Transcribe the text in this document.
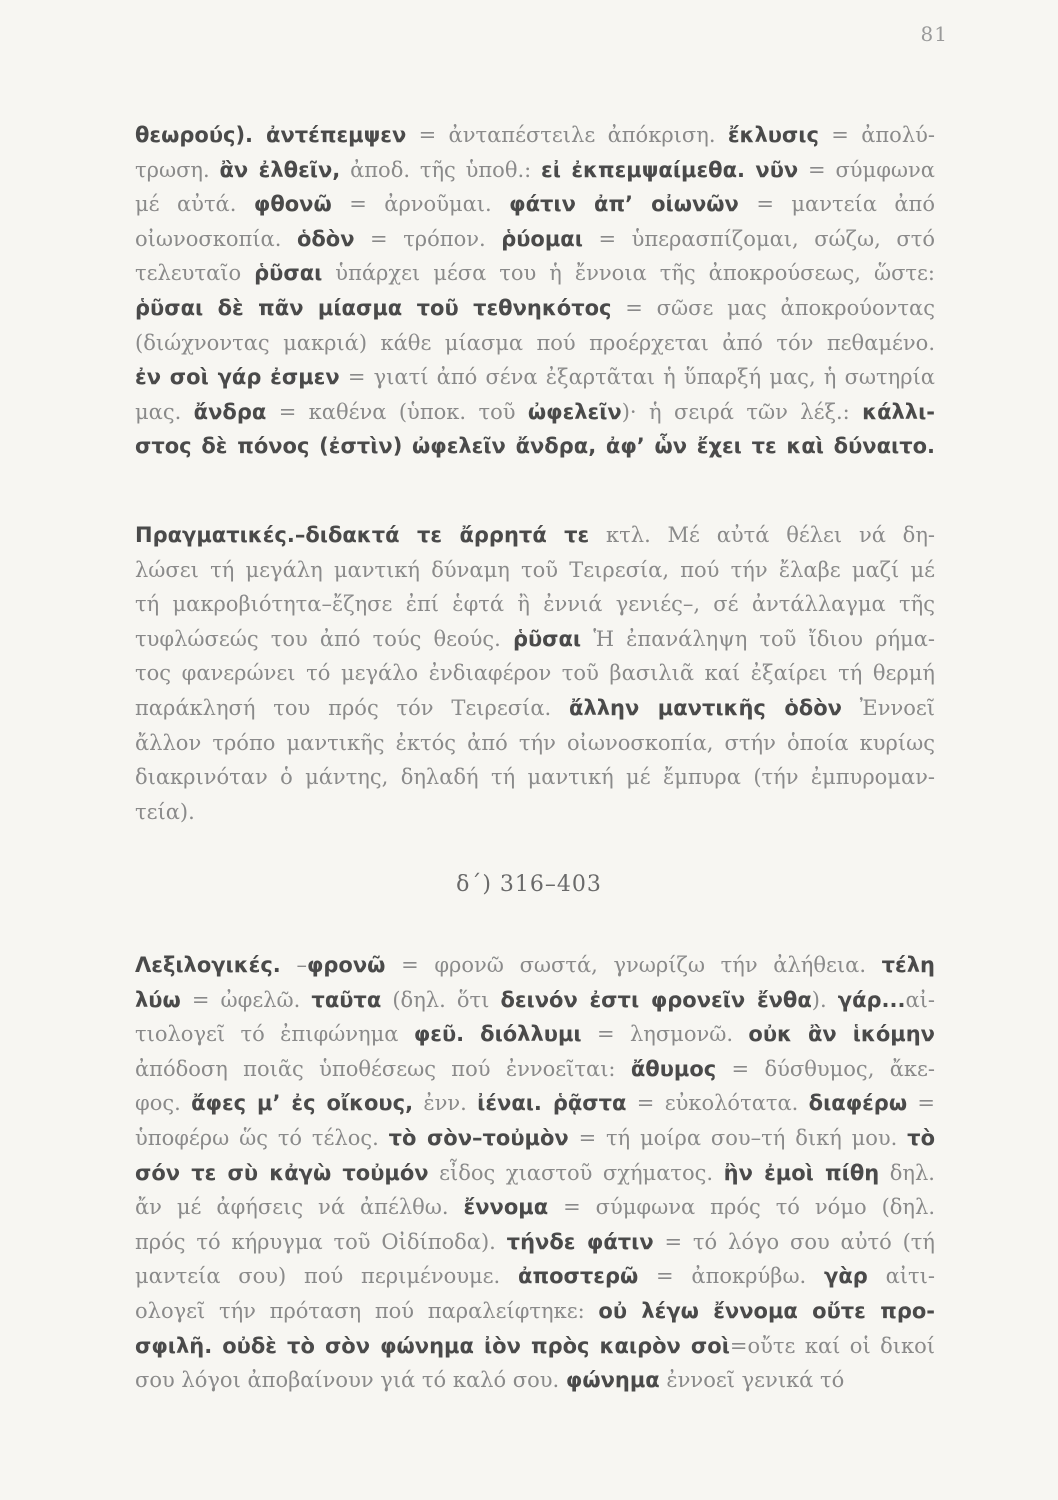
81
θεωρούς). ἀντέπεμψεν = ἀνταπέστειλε ἀπόκριση. ἔκλυσις = ἀπολύ-
τρωση. ἂν ἐλθεῖν, ἀποδ. τῆς ὑποθ.: εἰ ἐκπεμψαίμεθα. νῦν = σύμφωνα
μέ αὐτά. φθονῶ = ἀρνοῦμαι. φάτιν ἀπ’ οἰωνῶν = μαντεία ἀπό
οἰωνοσκοπία. ὁδὸν = τρόπον. ῥύομαι = ὑπερασπίζομαι, σώζω, στό
τελευταῖο ῥῦσαι ὑπάρχει μέσα του ἡ ἔννοια τῆς ἀποκρούσεως, ὥστε:
ῥῦσαι δὲ πᾶν μίασμα τοῦ τεθνηκότος = σῶσε μας ἀποκρούοντας
(διώχνοντας μακριά) κάθε μίασμα πού προέρχεται ἀπό τόν πεθαμένο.
ἐν σοὶ γάρ ἐσμεν = γιατί ἀπό σένα ἐξαρτᾶται ἡ ὕπαρξή μας, ἡ σωτηρία
μας. ἄνδρα = καθένα (ὑποκ. τοῦ ὠφελεῖν)· ἡ σειρά τῶν λέξ.: κάλλι-
στος δὲ πόνος (ἐστὶν) ὠφελεῖν ἄνδρα, ἀφ’ ὧν ἔχει τε καὶ δύναιτο.
Πραγματικές.–διδακτά τε ἄρρητά τε κτλ. Μέ αὐτά θέλει νά δη-
λώσει τή μεγάλη μαντική δύναμη τοῦ Τειρεσία, πού τήν ἔλαβε μαζί μέ
τή μακροβιότητα–ἔζησε ἐπί ἑφτά ἢ ἐννιά γενιές–, σέ ἀντάλλαγμα τῆς
τυφλώσεώς του ἀπό τούς θεούς. ῥῦσαι Ἡ ἐπανάληψη τοῦ ἴδιου ρήμα-
τος φανερώνει τό μεγάλο ἐνδιαφέρον τοῦ βασιλιᾶ καί ἐξαίρει τή θερμή
παράκλησή του πρός τόν Τειρεσία. ἄλλην μαντικῆς ὁδὸν Ἐννοεῖ
ἄλλον τρόπο μαντικῆς ἐκτός ἀπό τήν οἰωνοσκοπία, στήν ὁποία κυρίως
διακρινόταν ὁ μάντης, δηλαδή τή μαντική μέ ἔμπυρα (τήν ἐμπυρομαν-
τεία).
δ΄) 316–403
Λεξιλογικές. –φρονῶ = φρονῶ σωστά, γνωρίζω τήν ἀλήθεια. τέλη
λύω = ὠφελῶ. ταῦτα (δηλ. ὅτι δεινόν ἐστι φρονεῖν ἔνθα). γάρ...αἰ-
τιολογεῖ τό ἐπιφώνημα φεῦ. διόλλυμι = λησμονῶ. οὐκ ἂν ἱκόμην
ἀπόδοση ποιᾶς ὑποθέσεως πού ἐννοεῖται: ἄθυμος = δύσθυμος, ἄκε-
φος. ἄφες μ’ ἐς οἴκους, ἐνν. ἰέναι. ῥᾷστα = εὐκολότατα. διαφέρω =
ὑποφέρω ὥς τό τέλος. τὸ σὸν–τοὐμὸν = τή μοίρα σου–τή δική μου. τὸ
σόν τε σὺ κἀγὼ τοὐμόν εἶδος χιαστοῦ σχήματος. ἢν ἐμοὶ πίθη δηλ.
ἄν μέ ἀφήσεις νά ἀπέλθω. ἔννομα = σύμφωνα πρός τό νόμο (δηλ.
πρός τό κήρυγμα τοῦ Οἰδίποδα). τήνδε φάτιν = τό λόγο σου αὐτό (τή
μαντεία σου) πού περιμένουμε. ἀποστερῶ = ἀποκρύβω. γὰρ αἰτι-
ολογεῖ τήν πρόταση πού παραλείφτηκε: οὐ λέγω ἔννομα οὔτε προ-
σφιλῆ. οὐδὲ τὸ σὸν φώνημα ἰὸν πρὸς καιρὸν σοὶ=οὔτε καί οἱ δικοί
σου λόγοι ἀποβαίνουν γιά τό καλό σου. φώνημα ἐννοεῖ γενικά τό
